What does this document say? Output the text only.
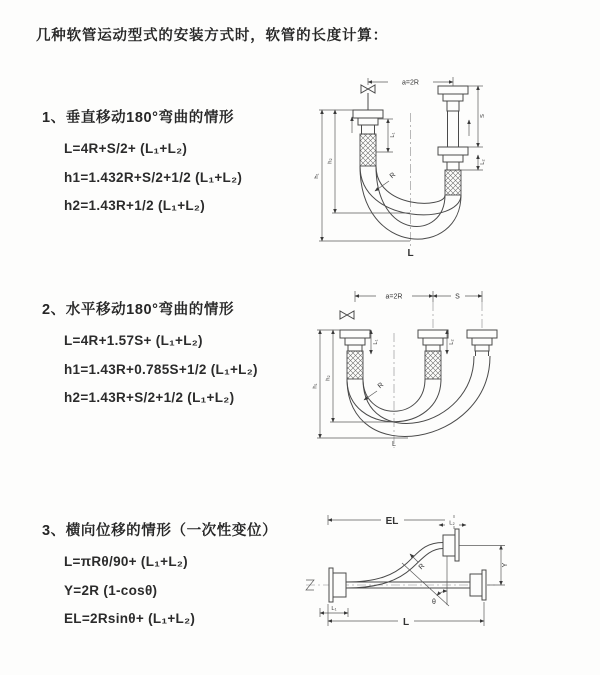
几种软管运动型式的安装方式时，软管的长度计算：
1、垂直移动180°弯曲的情形
L=4R+S/2+ (L₁+L₂)
h1=1.432R+S/2+1/2 (L₁+L₂)
h2=1.43R+1/2 (L₁+L₂)
2、水平移动180°弯曲的情形
L=4R+1.57S+ (L₁+L₂)
h1=1.43R+0.785S+1/2 (L₁+L₂)
h2=1.43R+S/2+1/2 (L₁+L₂)
3、横向位移的情形（一次性变位）
L=πRθ/90+ (L₁+L₂)
Y=2R (1-cosθ)
EL=2Rsinθ+ (L₁+L₂)
a=2R
h₁
h₂
L₁
S
L₂
R
L
a=2R	S
h₁
h₂
L₁	L₂
R
L
θ
R
EL	L₂
Y
L₁
L
